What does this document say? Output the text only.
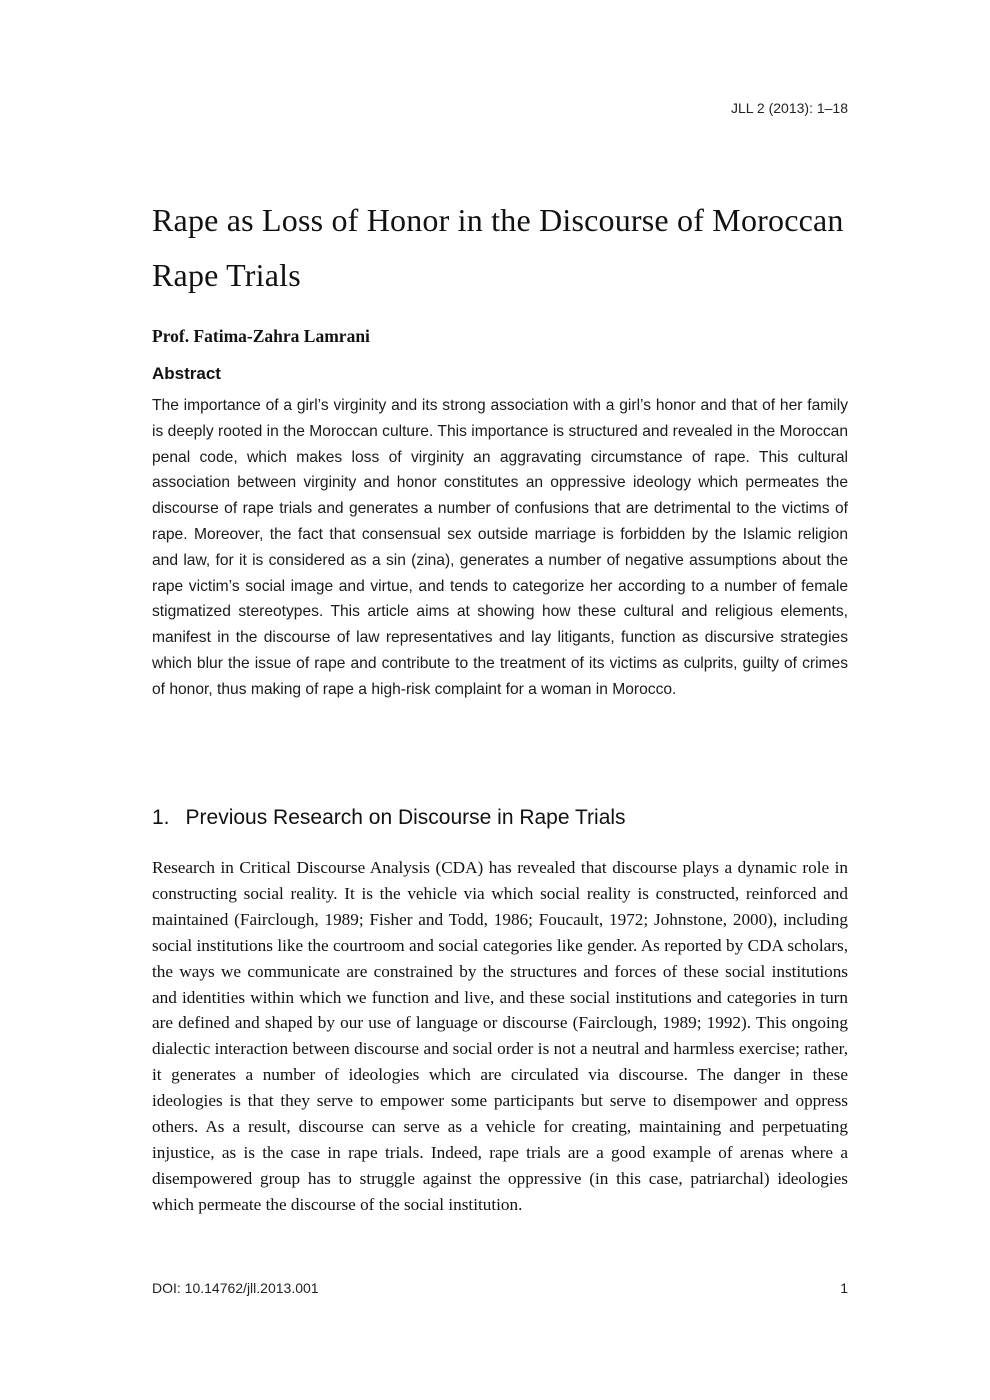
JLL 2 (2013): 1–18
Rape as Loss of Honor in the Discourse of Moroccan Rape Trials
Prof. Fatima-Zahra Lamrani
Abstract
The importance of a girl’s virginity and its strong association with a girl’s honor and that of her family is deeply rooted in the Moroccan culture. This importance is structured and revealed in the Moroccan penal code, which makes loss of virginity an aggravating circumstance of rape. This cultural association between virginity and honor constitutes an oppressive ideology which permeates the discourse of rape trials and generates a number of confusions that are detrimental to the victims of rape. Moreover, the fact that consensual sex outside marriage is forbidden by the Islamic religion and law, for it is considered as a sin (zina), generates a number of negative assumptions about the rape victim’s social image and virtue, and tends to categorize her according to a number of female stigmatized stereotypes. This article aims at showing how these cultural and religious elements, manifest in the discourse of law representatives and lay litigants, function as discursive strategies which blur the issue of rape and contribute to the treatment of its victims as culprits, guilty of crimes of honor, thus making of rape a high-risk complaint for a woman in Morocco.
1. Previous Research on Discourse in Rape Trials
Research in Critical Discourse Analysis (CDA) has revealed that discourse plays a dynamic role in constructing social reality. It is the vehicle via which social reality is constructed, reinforced and maintained (Fairclough, 1989; Fisher and Todd, 1986; Foucault, 1972; Johnstone, 2000), including social institutions like the courtroom and social categories like gender. As reported by CDA scholars, the ways we communicate are constrained by the structures and forces of these social institutions and identities within which we function and live, and these social institutions and categories in turn are defined and shaped by our use of language or discourse (Fairclough, 1989; 1992). This ongoing dialectic interaction between discourse and social order is not a neutral and harmless exercise; rather, it generates a number of ideologies which are circulated via discourse. The danger in these ideologies is that they serve to empower some participants but serve to disempower and oppress others. As a result, discourse can serve as a vehicle for creating, maintaining and perpetuating injustice, as is the case in rape trials. Indeed, rape trials are a good example of arenas where a disempowered group has to struggle against the oppressive (in this case, patriarchal) ideologies which permeate the discourse of the social institution.
DOI: 10.14762/jll.2013.001	1
